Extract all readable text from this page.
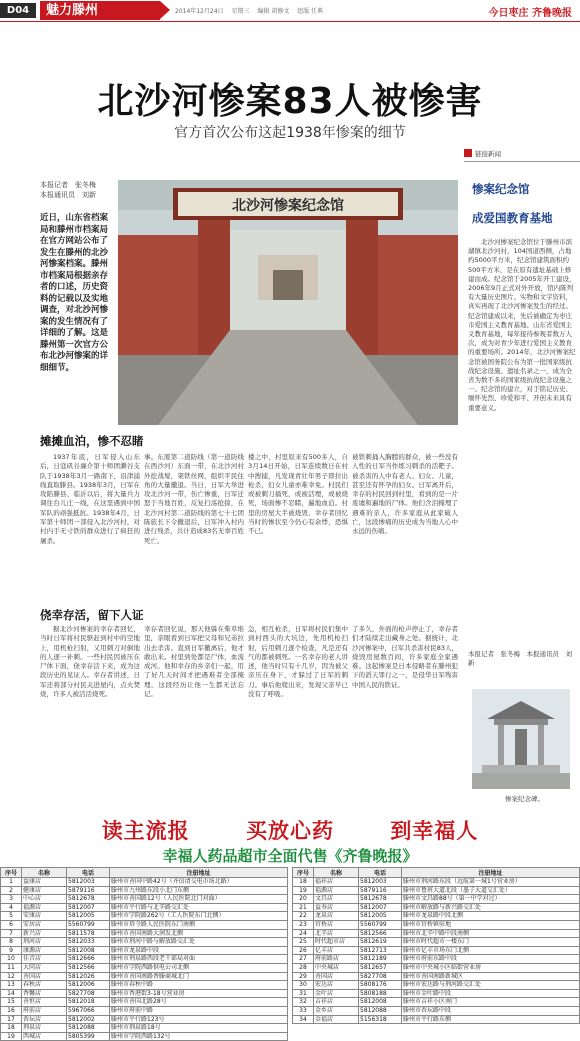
D04	魅力滕州	2014年12月24日 星期三 编辑 胡修文 组版 任典	今日枣庄 齐鲁晚报
北沙河惨案83人被惨害
官方首次公布这起1938年惨案的细节
本报记者　张冬梅
本报通讯员　刘新
近日，山东省档案局和滕州市档案局在官方网站公布了发生在滕州的北沙河惨案档案。滕州市档案局根据亲存者的口述，历史资料的记载以及实地调查，对北沙河惨案的发生情况有了详细的了解。这是滕州第一次官方公布北沙河惨案的详细细节。
北沙河惨案纪念馆
链接新闻
惨案纪念馆
成爱国教育基地
北沙河惨案纪念馆位于滕州市滨湖镇北沙河村，104国道西侧，占地约5000平方米，纪念馆建筑面积约500平方米，是在原有遗址基础上修建而成。纪念馆于2005年开工建设，2006年9月正式对外开放，馆内陈列有大量历史图片、实物和文字资料，真实再现了北沙河惨案发生的经过。纪念馆建成以来，先后被确定为枣庄市爱国主义教育基地、山东省爱国主义教育基地，每年接待参观者数万人次，成为对青少年进行爱国主义教育的重要场所。2014年，北沙河惨案纪念馆被国务院公布为第一批国家级抗战纪念设施、遗址名录之一，成为全省为数不多的国家级抗战纪念设施之一。纪念馆的建立，对于铭记历史、缅怀先烈、珍爱和平、开创未来具有重要意义。
本报记者　张冬梅　本报通讯员　刘新
惨案纪念碑。
摊摊血泊，惨不忍睹
1937年底，日军侵入山东后，日寇矶谷廉介第十师团濑谷支队于1938年3月一路南下，沿津浦线直取滕县。1938年3月，日军在攻陷滕县、临沂以后，将大量兵力调往台儿庄一线，在这里遇到中国军队的顽强抵抗。1938年4月，日军第十师团一部侵入北沙河村，对村内手无寸铁的群众进行了疯狂的屠杀。
事。东厦第二道防线（第一道防线在西沙河）东面一带，在北沙河村外挖战壕，架铁丝网，组织平民住角的大量撤退。当日，日军大举进攻北沙河一带，伤亡惨重，日军迁怒于当地百姓，反复扫荡抢掠，在北沙河村第二道防线的第七十七团陈旅长下令撤退后，日军冲入村内进行残杀，共计造成83名无辜百姓死亡。
楼之中，村里原来有500多人，自3月14日开始，日军连续数日在村中搜捕，凡发现青壮年男子即拉出枪杀，妇女儿童亦难幸免。村民们或被刺刀捅死，或被活埋，或被烧死，场面惨不忍睹，遍地血泊。村里的房屋大半被烧毁，幸存者回忆当时的惨状至今仍心有余悸，恐惧不已。
被铁刺捅入胸膛的群众，被一些没有人性的日军当作练习刺杀的活靶子。被杀害的人中有老人、妇女、儿童，甚至还有怀孕的妇女。日军离开后，幸存的村民回到村里，看到的是一片废墟和遍地的尸体。他们含泪掩埋了遇难的亲人，许多家庭从此家破人亡，这段惨痛的历史成为当地人心中永远的伤痛。
侥幸存活，留下人证
据北沙河惨案的幸存者回忆，当时日军将村民驱赶到村中的空地上，用机枪扫射，又用刺刀对倒地的人逐一补刺。一些村民因被压在尸体下面，侥幸存活下来，成为这段历史的见证人。幸存者讲述，日军还将部分村民关进屋内，点火焚烧，许多人被活活烧死。
幸存者回忆说，那天他躲在柴草堆里，亲眼看到日军把父母和兄弟拉出去杀害。直到日军撤离后，他才敢出来。村里到处都是尸体，血流成河。他和幸存的乡亲们一起，用了好几天时间才把遇难者全部掩埋。这段经历让他一生都无法忘记。
急，相互枪杀，日军将村民们集中到村西头的大坑边，先用机枪扫射，后用刺刀逐个检查，凡是还有气的都被刺死。一名幸存的老人讲述，他当时只有十几岁，因为被父亲压在身下，才躲过了日军的刺刀。事后他爬出来，发现父亲早已没有了呼吸。
了多久，外面的枪声停止了，幸存者们才陆续走出藏身之处。据统计，北沙河惨案中，日军共杀害村民83人，烧毁房屋数百间，许多家庭全家遇难。这起惨案是日本侵略者在滕州犯下的滔天罪行之一，是侵华日军残害中国人民的铁证。
读主流报	买放心药	到幸福人
幸福人药品超市全面代售《齐鲁晚报》
序号	名称	电话	注册地址
1	益康店	5812003	滕州市善国中路42号（齐信清交电市场北路）
2	健康店	5879116	滕州市九州路东段小北门东侧
3	中心店	5812678	滕州市善国路12号（人民医院北门对面）
4	福源店	5812007	滕州市平行路与北辛路交汇处
5	安康店	5812005	滕州市学院路262号（工人医院东门北侧）
6	安居店	5560799	滕州市塔寺路人民医院东门南侧
7	新兴店	5811578	滕州市善国南路大润发北侧
8	荆河店	5812033	滕州市荆河中路与解放路交汇处
9	康源店	5812008	滕州市龙泉路中段
10	佳音店	5812666	滕州市荆泉路西段老干部局对面
11	大同店	5812566	滕州市学院西路供电公司北侧
12	善国店	5812026	滕州市善国南路香滕商城北门
13	春秋店	5812006	滕州市春秋中路
14	香馨店	5827708	滕州市香港街3-18号营业房
15	善恒店	5812018	滕州市善国北路28号
16	府前店	5967066	滕州市府前中路
17	杏坛店	5812002	滕州市平行路123号
18	荆泉店	5812088	滕州市荆泉路18号
19	西城店	5805399	滕州市学院西路132号
序号	名称	电话	注册地址
18	福祥店	5812003	滕州市荆河路东段（远航第一城1号营业房）
19	福源店	5879116	滕州市鲁班大道北段（墨子大道交汇处）
20	文昌店	5812678	滕州市文昌路88号（第一中学对过）
21	益寿店	5812007	滕州市解放路与新兴路交汇处
22	龙泉店	5812005	滕州市龙泉路中段北侧
23	官桥店	5560799	滕州市官桥镇驻地
24	北辛店	5812566	滕州市北辛中路中段南侧
25	时代超市店	5812619	滕州市时代超市一楼东门
26	亿丰店	5812713	滕州市亿丰市场东门北侧
27	府前路店	5812189	滕州市府前东路中段
28	中央城店	5812657	滕州市中央城小区临街营业房
29	善国店	5827708	滕州市善国南路新城区
30	宏达店	5808176	滕州市宏达路与荆河路交汇处
31	金叶店	5808188	滕州市金叶路中段
32	吉祥店	5812008	滕州市吉祥小区南门
33	金乡店	5812088	滕州市杏坛路中段
34	金福店	5156318	滕州市平行路东侧
